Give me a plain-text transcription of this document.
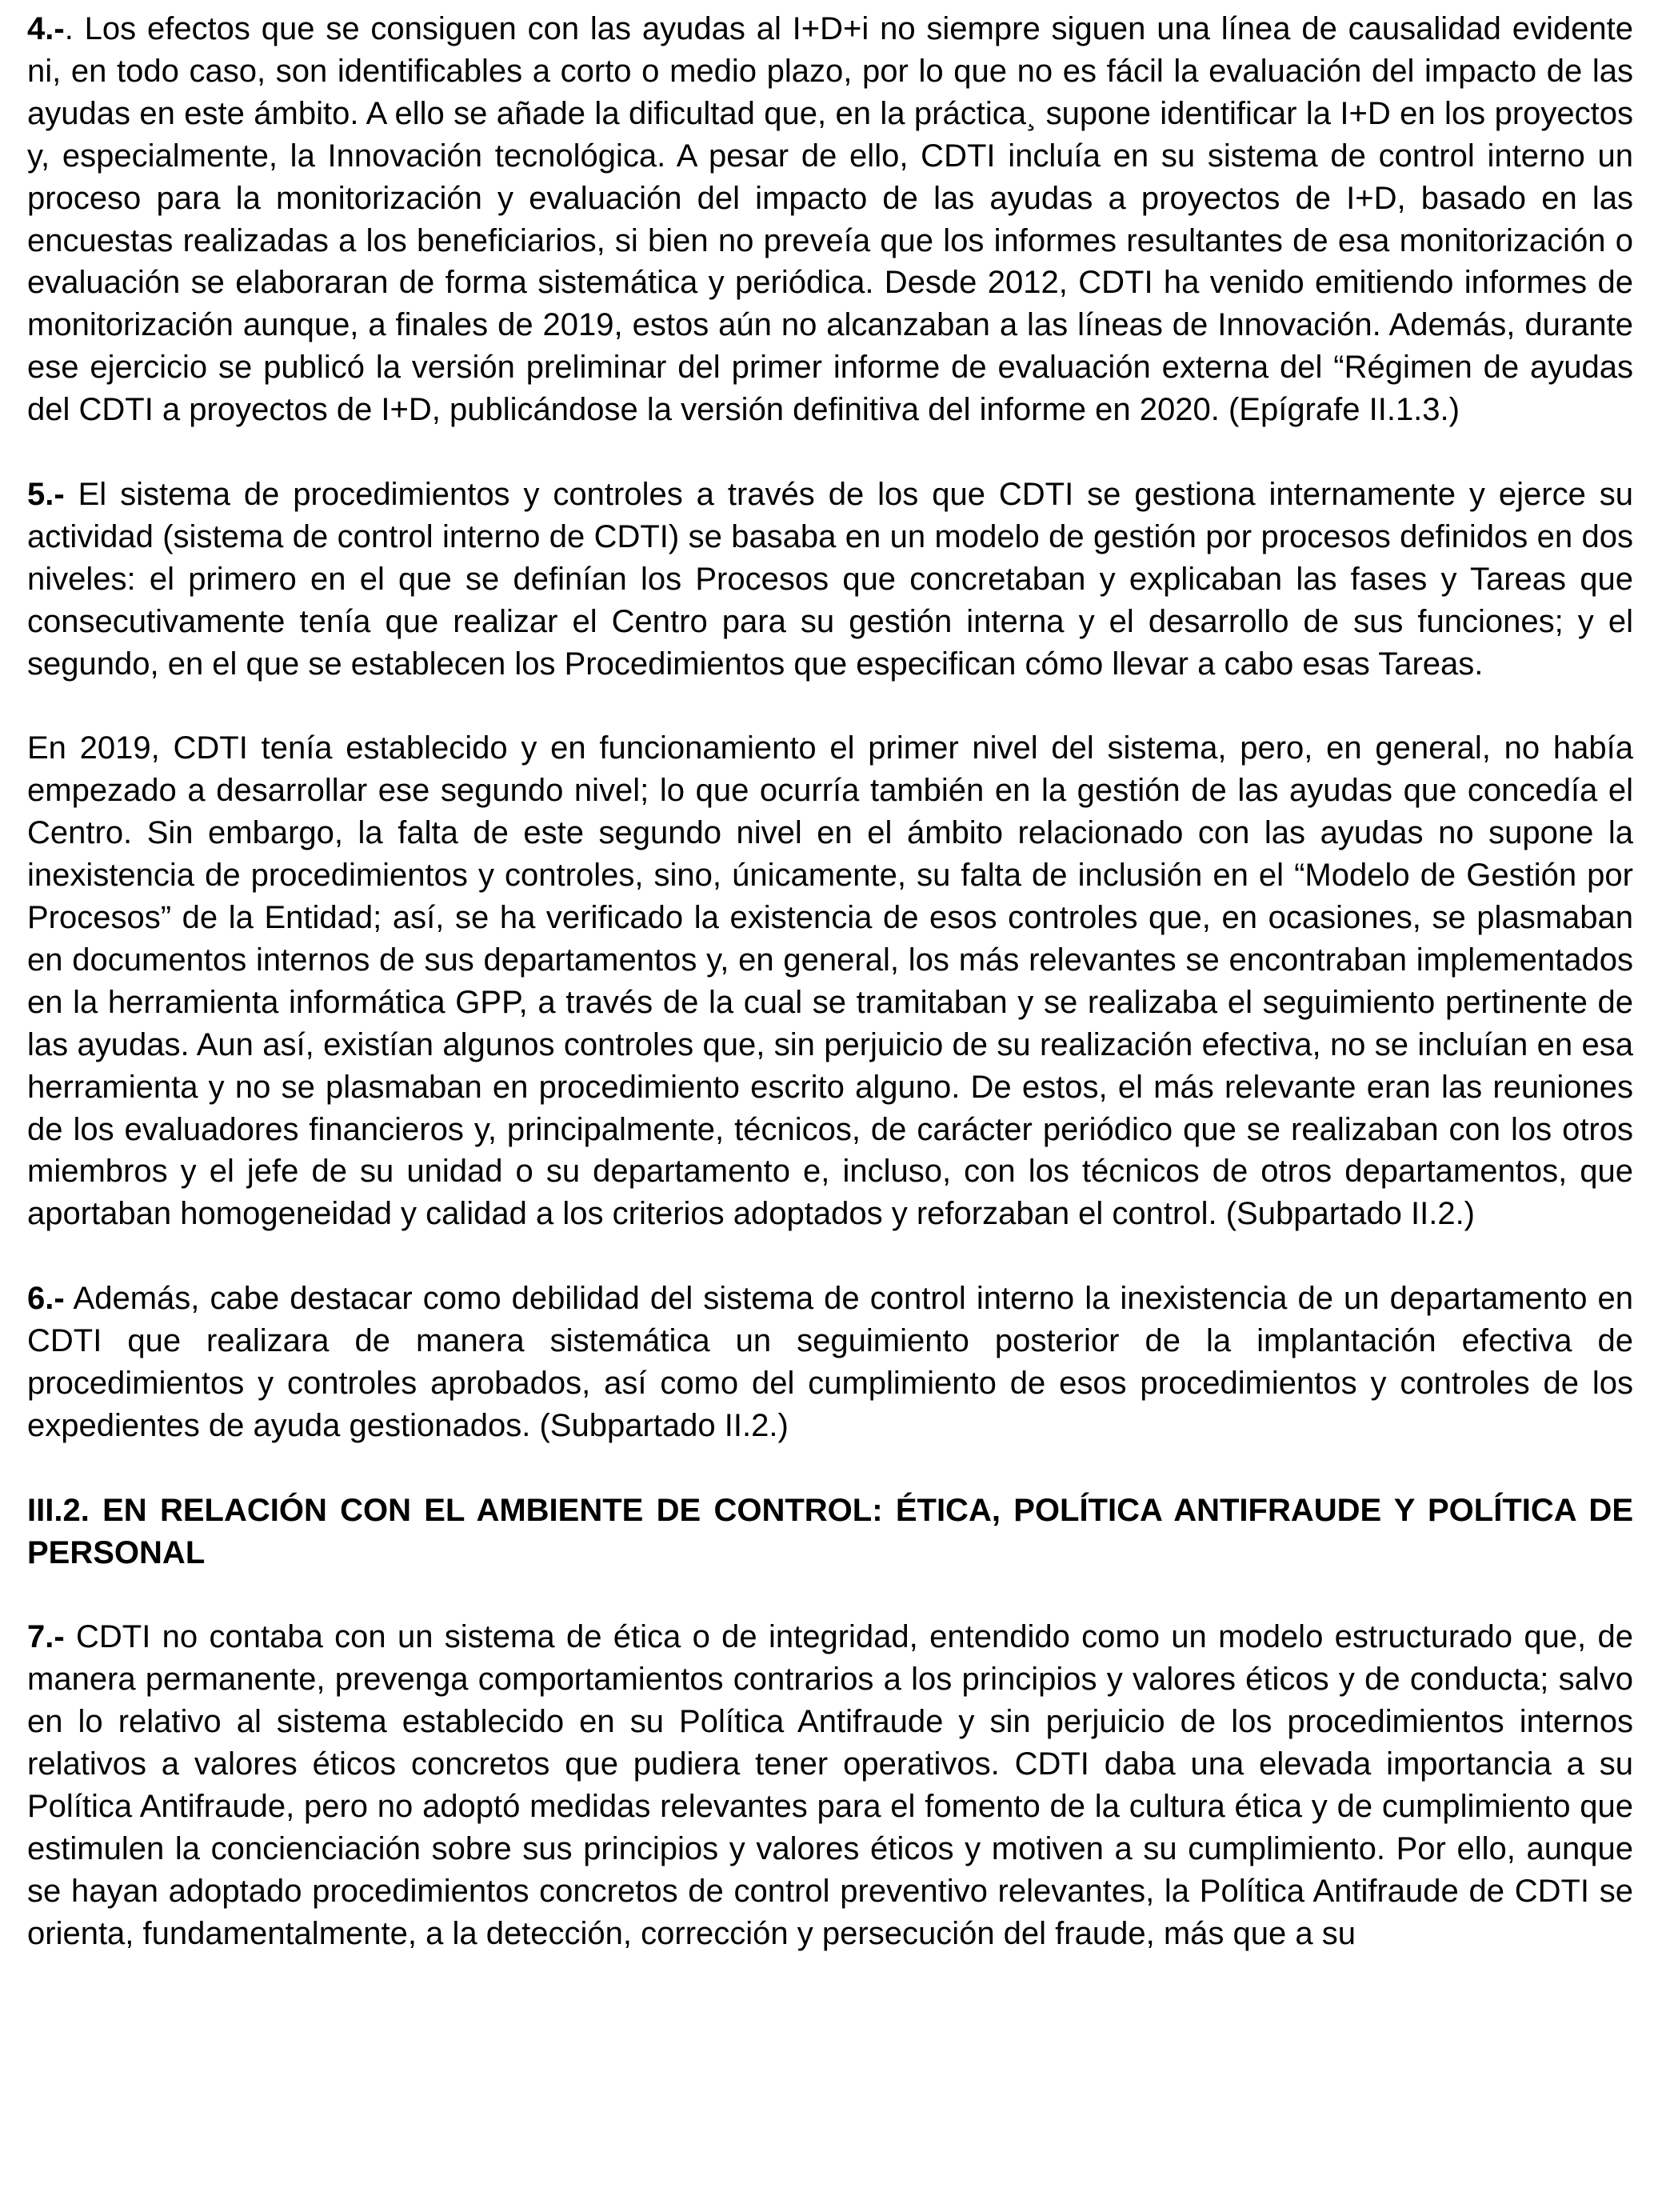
4.-. Los efectos que se consiguen con las ayudas al I+D+i no siempre siguen una línea de causalidad evidente ni, en todo caso, son identificables a corto o medio plazo, por lo que no es fácil la evaluación del impacto de las ayudas en este ámbito. A ello se añade la dificultad que, en la práctica¸ supone identificar la I+D en los proyectos y, especialmente, la Innovación tecnológica. A pesar de ello, CDTI incluía en su sistema de control interno un proceso para la monitorización y evaluación del impacto de las ayudas a proyectos de I+D, basado en las encuestas realizadas a los beneficiarios, si bien no preveía que los informes resultantes de esa monitorización o evaluación se elaboraran de forma sistemática y periódica. Desde 2012, CDTI ha venido emitiendo informes de monitorización aunque, a finales de 2019, estos aún no alcanzaban a las líneas de Innovación. Además, durante ese ejercicio se publicó la versión preliminar del primer informe de evaluación externa del “Régimen de ayudas del CDTI a proyectos de I+D, publicándose la versión definitiva del informe en 2020. (Epígrafe II.1.3.)

5.- El sistema de procedimientos y controles a través de los que CDTI se gestiona internamente y ejerce su actividad (sistema de control interno de CDTI) se basaba en un modelo de gestión por procesos definidos en dos niveles: el primero en el que se definían los Procesos que concretaban y explicaban las fases y Tareas que consecutivamente tenía que realizar el Centro para su gestión interna y el desarrollo de sus funciones; y el segundo, en el que se establecen los Procedimientos que especifican cómo llevar a cabo esas Tareas.

En 2019, CDTI tenía establecido y en funcionamiento el primer nivel del sistema, pero, en general, no había empezado a desarrollar ese segundo nivel; lo que ocurría también en la gestión de las ayudas que concedía el Centro. Sin embargo, la falta de este segundo nivel en el ámbito relacionado con las ayudas no supone la inexistencia de procedimientos y controles, sino, únicamente, su falta de inclusión en el “Modelo de Gestión por Procesos” de la Entidad; así, se ha verificado la existencia de esos controles que, en ocasiones, se plasmaban en documentos internos de sus departamentos y, en general, los más relevantes se encontraban implementados en la herramienta informática GPP, a través de la cual se tramitaban y se realizaba el seguimiento pertinente de las ayudas. Aun así, existían algunos controles que, sin perjuicio de su realización efectiva, no se incluían en esa herramienta y no se plasmaban en procedimiento escrito alguno. De estos, el más relevante eran las reuniones de los evaluadores financieros y, principalmente, técnicos, de carácter periódico que se realizaban con los otros miembros y el jefe de su unidad o su departamento e, incluso, con los técnicos de otros departamentos, que aportaban homogeneidad y calidad a los criterios adoptados y reforzaban el control. (Subpartado II.2.)

6.- Además, cabe destacar como debilidad del sistema de control interno la inexistencia de un departamento en CDTI que realizara de manera sistemática un seguimiento posterior de la implantación efectiva de procedimientos y controles aprobados, así como del cumplimiento de esos procedimientos y controles de los expedientes de ayuda gestionados. (Subpartado II.2.)

III.2. EN RELACIÓN CON EL AMBIENTE DE CONTROL: ÉTICA, POLÍTICA ANTIFRAUDE Y POLÍTICA DE PERSONAL

7.- CDTI no contaba con un sistema de ética o de integridad, entendido como un modelo estructurado que, de manera permanente, prevenga comportamientos contrarios a los principios y valores éticos y de conducta; salvo en lo relativo al sistema establecido en su Política Antifraude y sin perjuicio de los procedimientos internos relativos a valores éticos concretos que pudiera tener operativos. CDTI daba una elevada importancia a su Política Antifraude, pero no adoptó medidas relevantes para el fomento de la cultura ética y de cumplimiento que estimulen la concienciación sobre sus principios y valores éticos y motiven a su cumplimiento. Por ello, aunque se hayan adoptado procedimientos concretos de control preventivo relevantes, la Política Antifraude de CDTI se orienta, fundamentalmente, a la detección, corrección y persecución del fraude, más que a su
